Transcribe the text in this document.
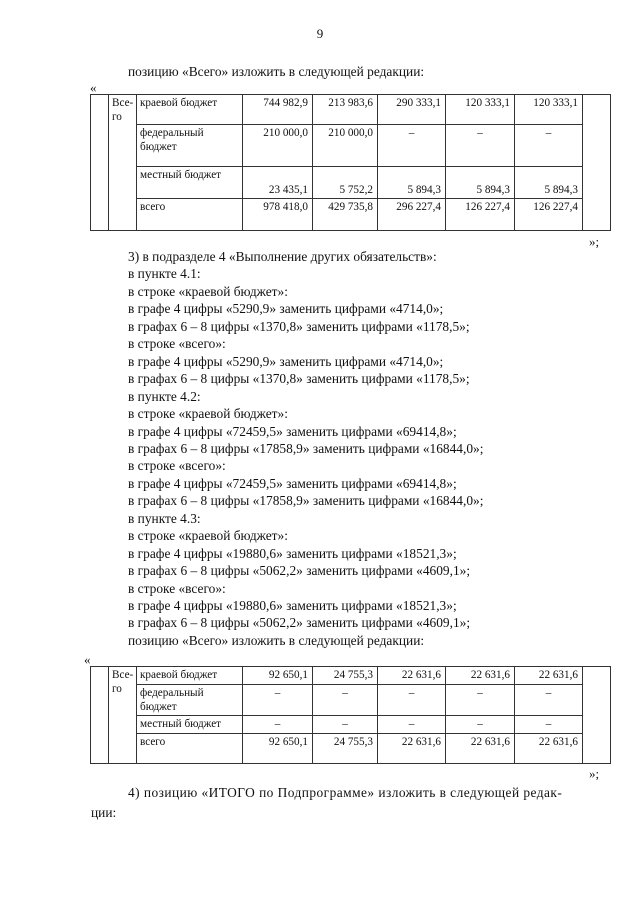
9
позицию «Всего» изложить в следующей редакции:
«
	Все-
го	краевой бюджет	744 982,9	213 983,6	290 333,1	120 333,1	120 333,1	
		федеральный
бюджет	210 000,0	210 000,0	–	–	–	
		местный бюджет	23 435,1	5 752,2	5 894,3	5 894,3	5 894,3	
		всего	978 418,0	429 735,8	296 227,4	126 227,4	126 227,4	
»;
3) в подразделе 4 «Выполнение других обязательств»:
в пункте 4.1:
в строке «краевой бюджет»:
в графе 4 цифры «5290,9» заменить цифрами «4714,0»;
в графах 6 – 8 цифры «1370,8» заменить цифрами «1178,5»;
в строке «всего»:
в графе 4 цифры «5290,9» заменить цифрами «4714,0»;
в графах 6 – 8 цифры «1370,8» заменить цифрами «1178,5»;
в пункте 4.2:
в строке «краевой бюджет»:
в графе 4 цифры «72459,5» заменить цифрами «69414,8»;
в графах 6 – 8 цифры «17858,9» заменить цифрами «16844,0»;
в строке «всего»:
в графе 4 цифры «72459,5» заменить цифрами «69414,8»;
в графах 6 – 8 цифры «17858,9» заменить цифрами «16844,0»;
в пункте 4.3:
в строке «краевой бюджет»:
в графе 4 цифры «19880,6» заменить цифрами «18521,3»;
в графах 6 – 8 цифры «5062,2» заменить цифрами «4609,1»;
в строке «всего»:
в графе 4 цифры «19880,6» заменить цифрами «18521,3»;
в графах 6 – 8 цифры «5062,2» заменить цифрами «4609,1»;
позицию «Всего» изложить в следующей редакции:
«
	Все-
го	краевой бюджет	92 650,1	24 755,3	22 631,6	22 631,6	22 631,6	
		федеральный
бюджет	–	–	–	–	–	
		местный бюджет	–	–	–	–	–	
		всего	92 650,1	24 755,3	22 631,6	22 631,6	22 631,6	
»;
4) позицию «ИТОГО по Подпрограмме» изложить в следующей редак-
ции:
